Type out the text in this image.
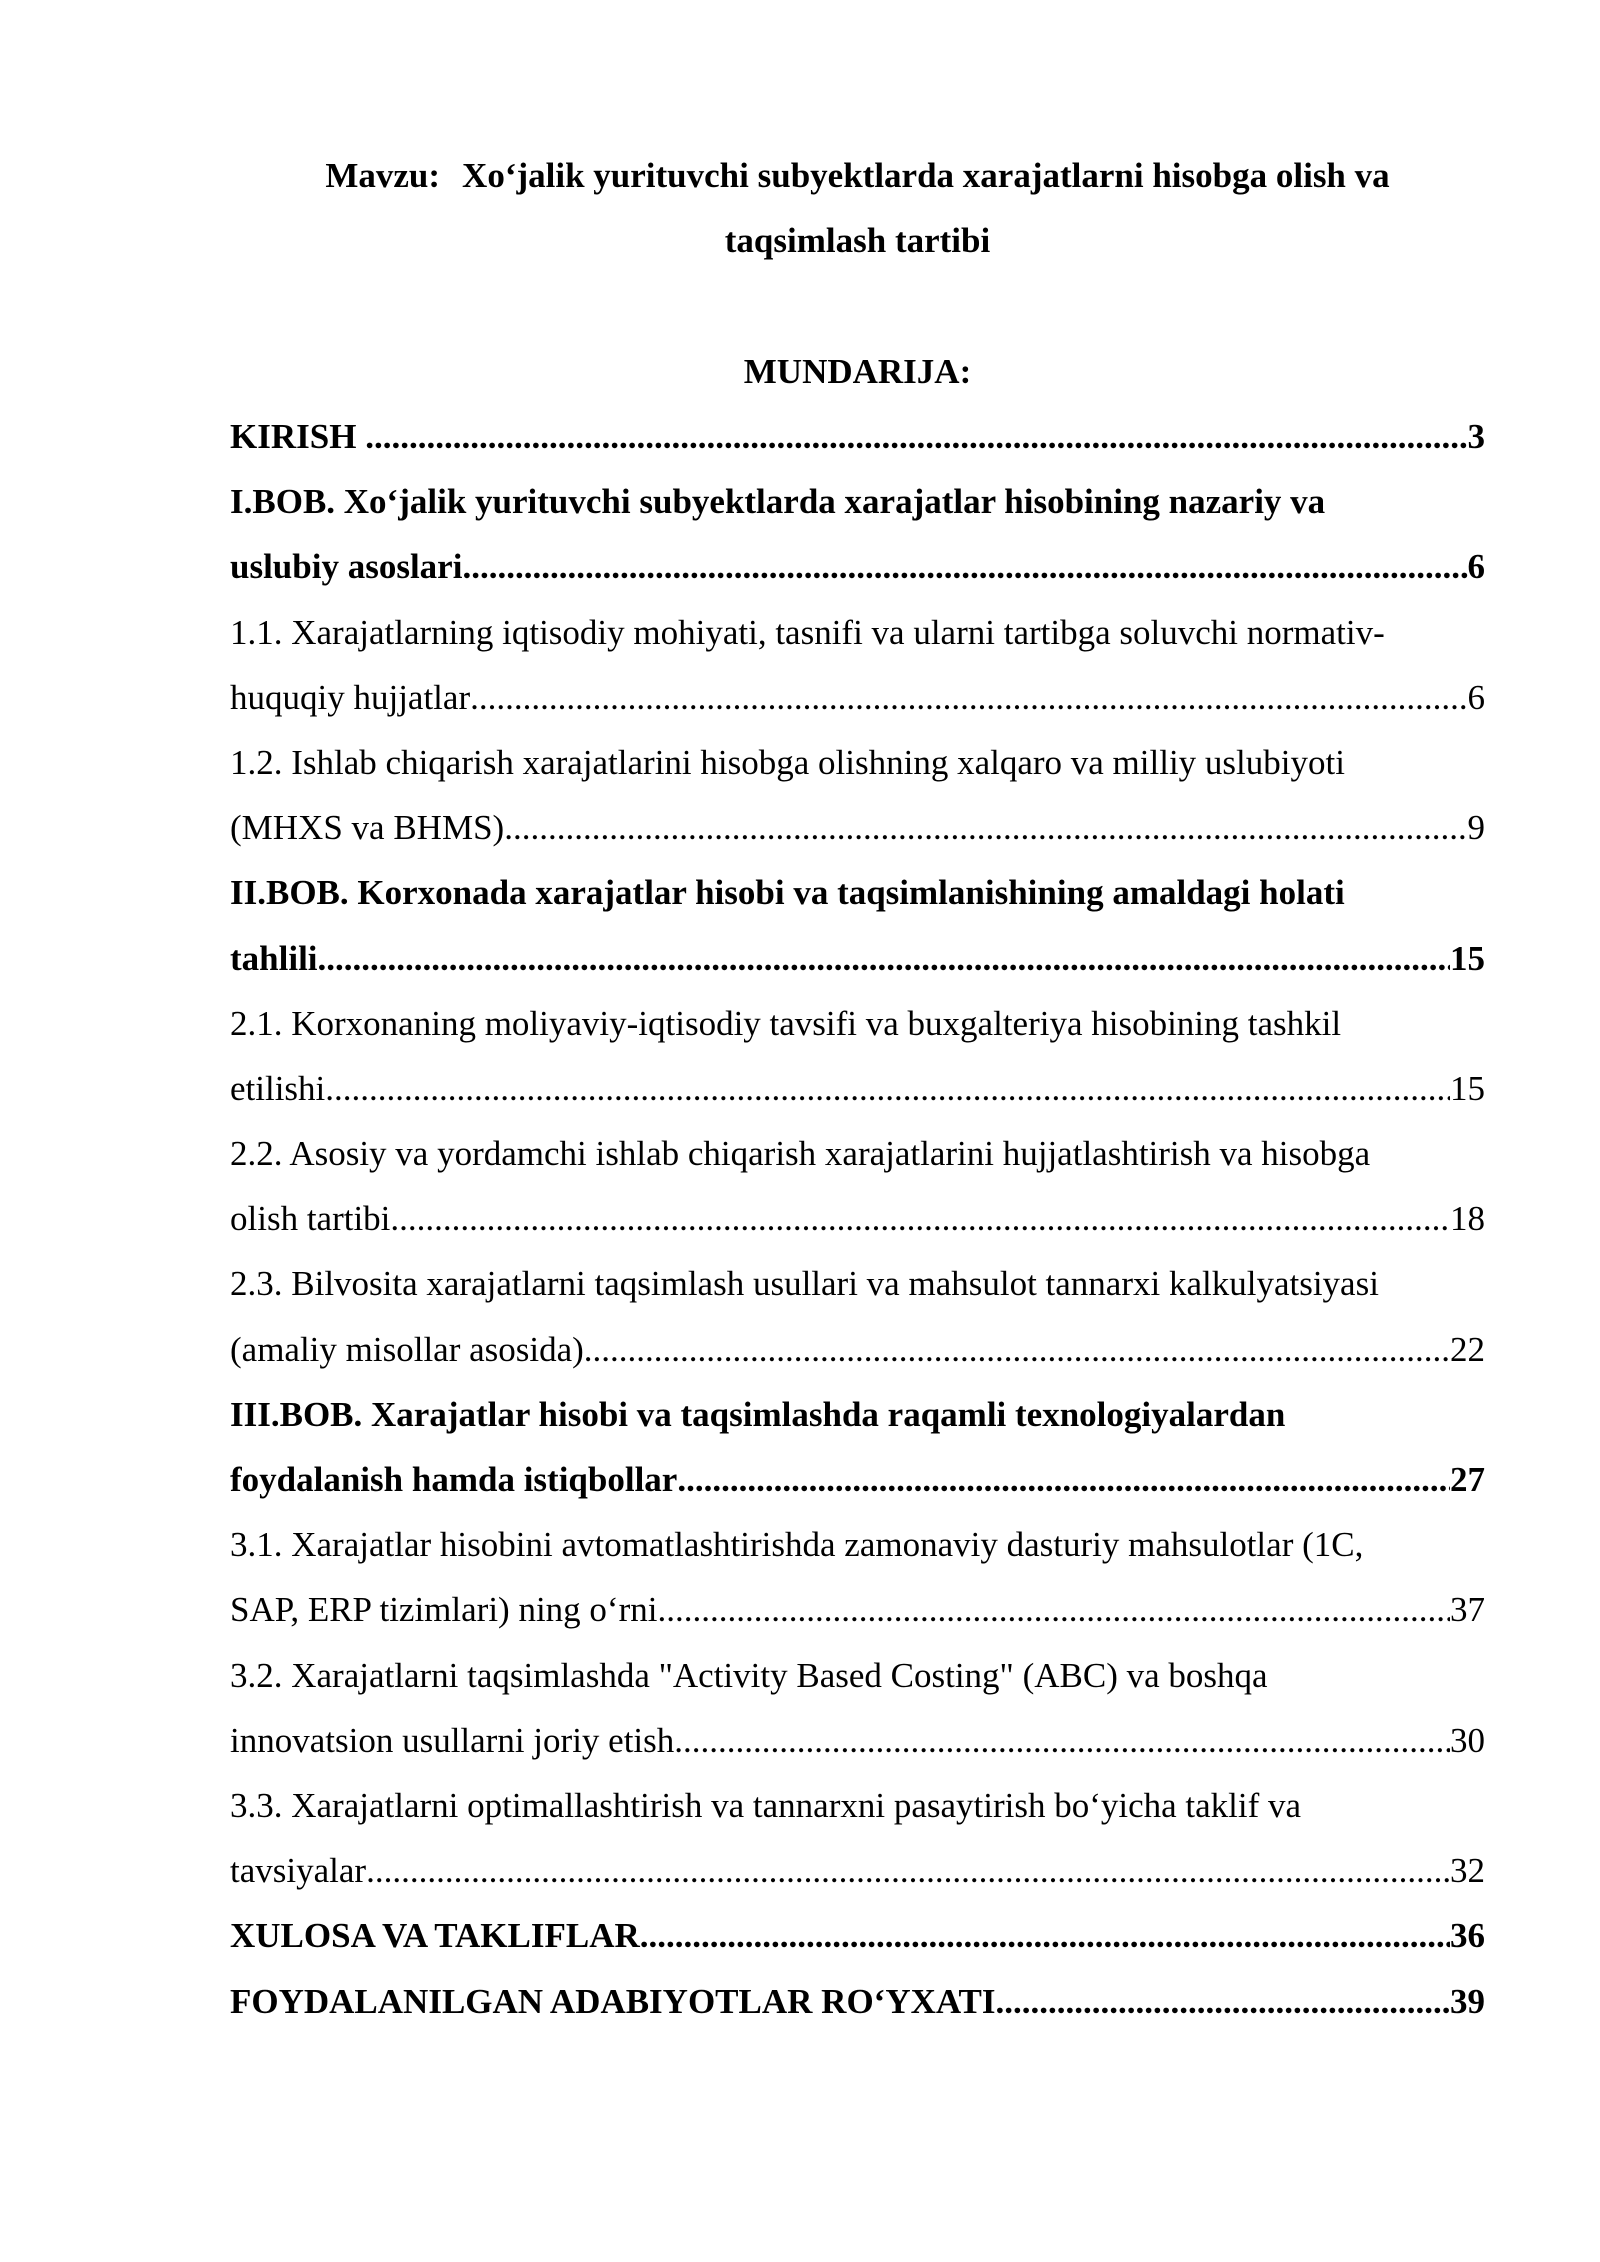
Mavzu: Xo‘jalik yurituvchi subyektlarda xarajatlarni hisobga olish va
taqsimlash tartibi
MUNDARIJA:
KIRISH .....	3
I.BOB. Xo‘jalik yurituvchi subyektlarda xarajatlar hisobining nazariy va
uslubiy asoslari .....	6
1.1. Xarajatlarning iqtisodiy mohiyati, tasnifi va ularni tartibga soluvchi normativ-
huquqiy hujjatlar .....	6
1.2. Ishlab chiqarish xarajatlarini hisobga olishning xalqaro va milliy uslubiyoti
(MHXS va BHMS) .....	9
II.BOB. Korxonada xarajatlar hisobi va taqsimlanishining amaldagi holati
tahlili .....	15
2.1. Korxonaning moliyaviy-iqtisodiy tavsifi va buxgalteriya hisobining tashkil
etilishi .....	15
2.2. Asosiy va yordamchi ishlab chiqarish xarajatlarini hujjatlashtirish va hisobga
olish tartibi .....	18
2.3. Bilvosita xarajatlarni taqsimlash usullari va mahsulot tannarxi kalkulyatsiyasi
(amaliy misollar asosida) .....	22
III.BOB. Xarajatlar hisobi va taqsimlashda raqamli texnologiyalardan
foydalanish hamda istiqbollar .....	27
3.1. Xarajatlar hisobini avtomatlashtirishda zamonaviy dasturiy mahsulotlar (1C,
SAP, ERP tizimlari) ning o‘rni .....	37
3.2. Xarajatlarni taqsimlashda "Activity Based Costing" (ABC) va boshqa
innovatsion usullarni joriy etish .....	30
3.3. Xarajatlarni optimallashtirish va tannarxni pasaytirish bo‘yicha taklif va
tavsiyalar .....	32
XULOSA VA TAKLIFLAR .....	36
FOYDALANILGAN ADABIYOTLAR RO‘YXATI .....	39
